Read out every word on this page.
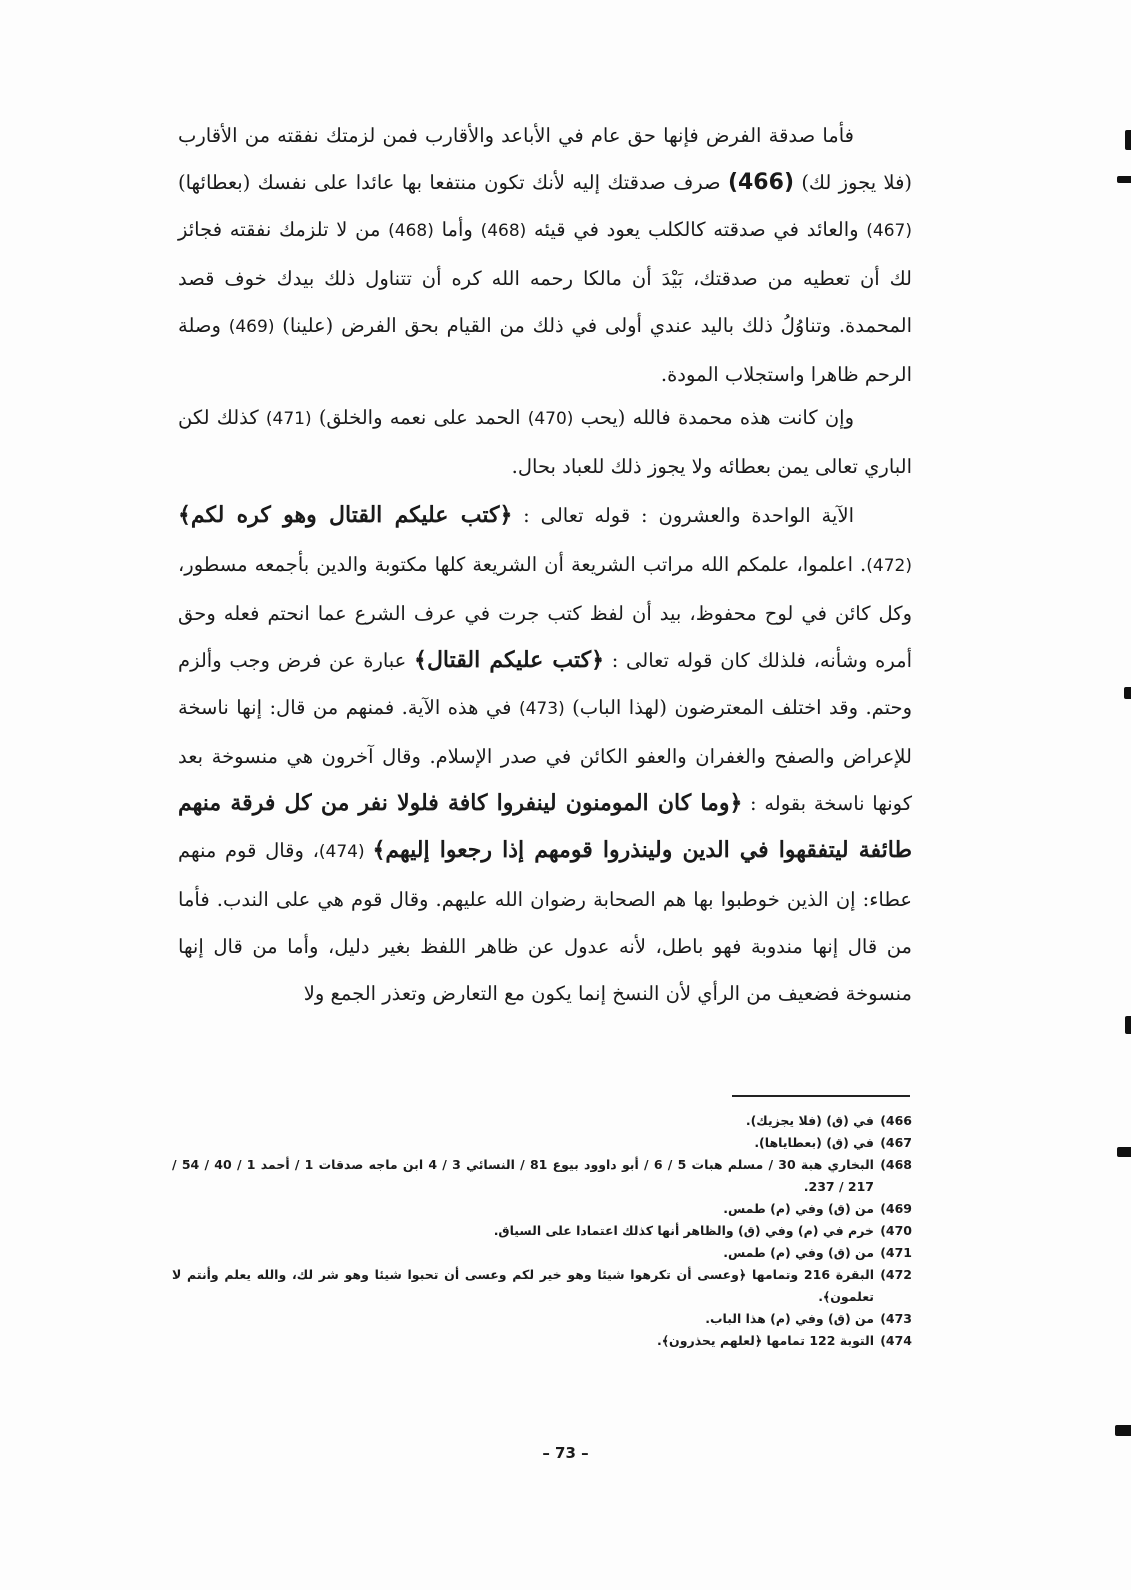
فأما صدقة الفرض فإنها حق عام في الأباعد والأقارب فمن لزمتك نفقته من الأقارب (فلا يجوز لك) (466) صرف صدقتك إليه لأنك تكون منتفعا بها عائدا على نفسك (بعطائها) (467) والعائد في صدقته كالكلب يعود في قيئه (468) وأما (468) من لا تلزمك نفقته فجائز لك أن تعطيه من صدقتك، بَيْدَ أن مالكا رحمه الله كره أن تتناول ذلك بيدك خوف قصد المحمدة. وتناوُلُ ذلك باليد عندي أولى في ذلك من القيام بحق الفرض (علينا) (469) وصلة الرحم ظاهرا واستجلاب المودة.

وإن كانت هذه محمدة فالله (يحب (470) الحمد على نعمه والخلق) (471) كذلك لكن الباري تعالى يمن بعطائه ولا يجوز ذلك للعباد بحال.

الآية الواحدة والعشرون : قوله تعالى : ﴿كتب عليكم القتال وهو كره لكم﴾ (472). اعلموا، علمكم الله مراتب الشريعة أن الشريعة كلها مكتوبة والدين بأجمعه مسطور، وكل كائن في لوح محفوظ، بيد أن لفظ كتب جرت في عرف الشرع عما انحتم فعله وحق أمره وشأنه، فلذلك كان قوله تعالى : ﴿كتب عليكم القتال﴾ عبارة عن فرض وجب وألزم وحتم. وقد اختلف المعترضون (لهذا الباب) (473) في هذه الآية. فمنهم من قال: إنها ناسخة للإعراض والصفح والغفران والعفو الكائن في صدر الإسلام. وقال آخرون هي منسوخة بعد كونها ناسخة بقوله : ﴿وما كان المومنون لينفروا كافة فلولا نفر من كل فرقة منهم طائفة ليتفقهوا في الدين ولينذروا قومهم إذا رجعوا إليهم﴾ (474)، وقال قوم منهم عطاء: إن الذين خوطبوا بها هم الصحابة رضوان الله عليهم. وقال قوم هي على الندب. فأما من قال إنها مندوبة فهو باطل، لأنه عدول عن ظاهر اللفظ بغير دليل، وأما من قال إنها منسوخة فضعيف من الرأي لأن النسخ إنما يكون مع التعارض وتعذر الجمع ولا

466)
في (ق) (فلا يجزيك).
467)
في (ق) (بعطاياها).
468)
البخاري هبة 30 / مسلم هبات 5 / 6 / أبو داوود بيوع 81 / النسائي 3 / 4 ابن ماجه صدقات 1 / أحمد 1 / 40 / 54 / 217 / 237.
469)
من (ق) وفي (م) طمس.
470)
خرم في (م) وفي (ق) والظاهر أنها كذلك اعتمادا على السياق.
471)
من (ق) وفي (م) طمس.
472)
البقرة 216 وتمامها ﴿وعسى أن تكرهوا شيئا وهو خير لكم وعسى أن تحبوا شيئا وهو شر لك، والله يعلم وأنتم لا تعلمون﴾.
473)
من (ق) وفي (م) هذا الباب.
474)
التوبة 122 تمامها ﴿لعلهم يحذرون﴾.
– 73 –
